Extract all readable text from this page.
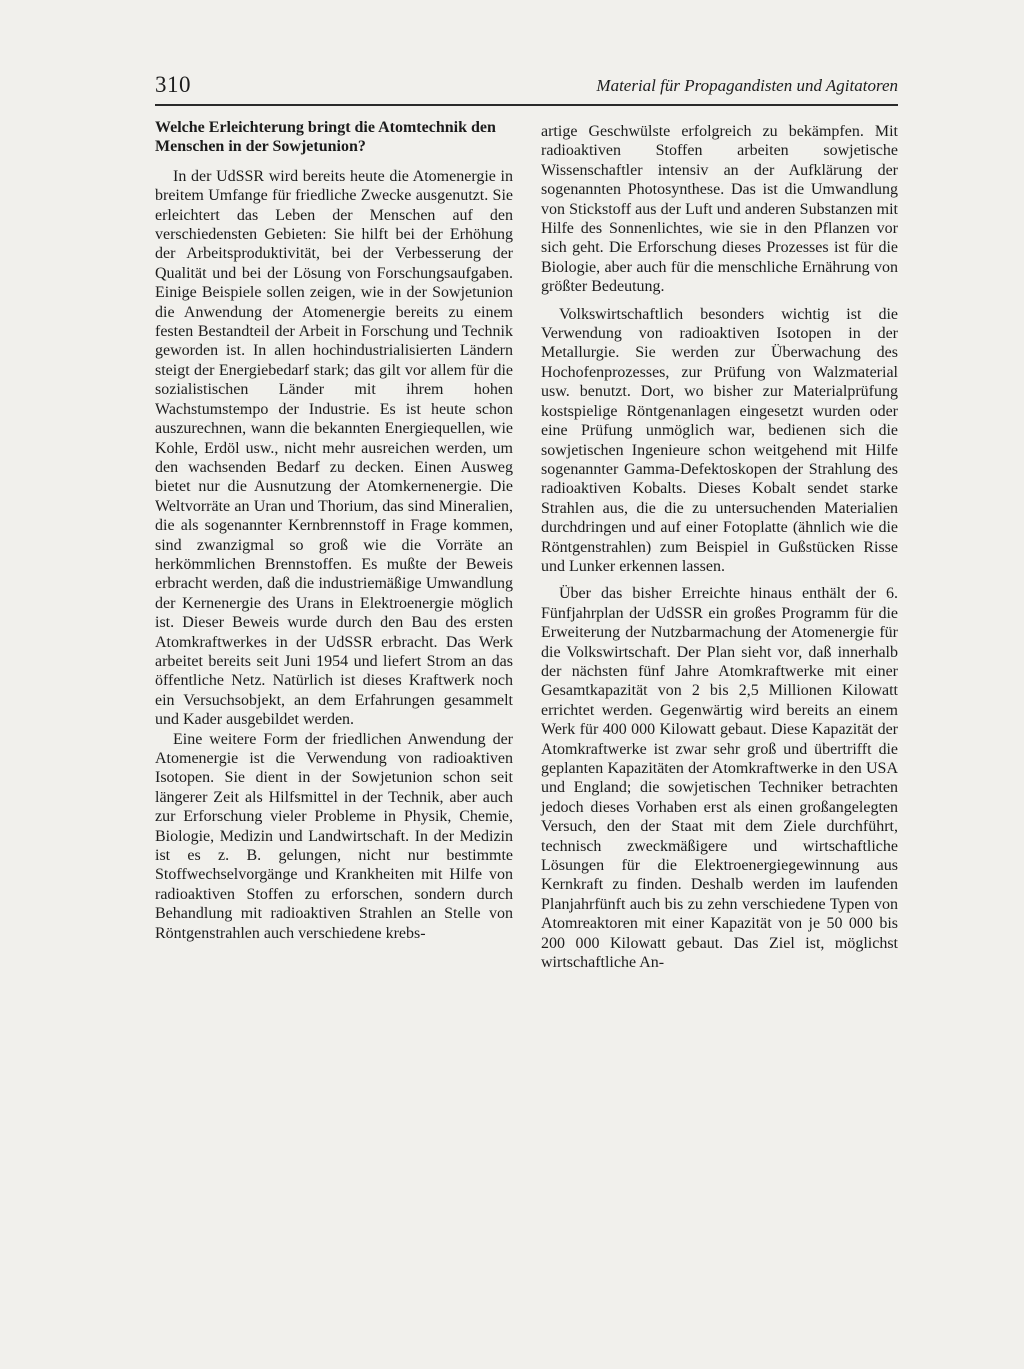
310	Material für Propagandisten und Agitatoren

Welche Erleichterung bringt die Atomtechnik den Menschen in der Sowjetunion?

In der UdSSR wird bereits heute die Atomenergie in breitem Umfange für friedliche Zwecke ausgenutzt. Sie erleichtert das Leben der Menschen auf den verschiedensten Gebieten: Sie hilft bei der Erhöhung der Arbeitsproduktivität, bei der Verbesserung der Qualität und bei der Lösung von Forschungsaufgaben. Einige Beispiele sollen zeigen, wie in der Sowjetunion die Anwendung der Atomenergie bereits zu einem festen Bestandteil der Arbeit in Forschung und Technik geworden ist. In allen hochindustrialisierten Ländern steigt der Energiebedarf stark; das gilt vor allem für die sozialistischen Länder mit ihrem hohen Wachstumstempo der Industrie. Es ist heute schon auszurechnen, wann die bekannten Energiequellen, wie Kohle, Erdöl usw., nicht mehr ausreichen werden, um den wachsenden Bedarf zu decken. Einen Ausweg bietet nur die Ausnutzung der Atomkernenergie. Die Weltvorräte an Uran und Thorium, das sind Mineralien, die als sogenannter Kernbrennstoff in Frage kommen, sind zwanzigmal so groß wie die Vorräte an herkömmlichen Brennstoffen. Es mußte der Beweis erbracht werden, daß die industriemäßige Umwandlung der Kernenergie des Urans in Elektroenergie möglich ist. Dieser Beweis wurde durch den Bau des ersten Atomkraftwerkes in der UdSSR erbracht. Das Werk arbeitet bereits seit Juni 1954 und liefert Strom an das öffentliche Netz. Natürlich ist dieses Kraftwerk noch ein Versuchsobjekt, an dem Erfahrungen gesammelt und Kader ausgebildet werden.

Eine weitere Form der friedlichen Anwendung der Atomenergie ist die Verwendung von radioaktiven Isotopen. Sie dient in der Sowjetunion schon seit längerer Zeit als Hilfsmittel in der Technik, aber auch zur Erforschung vieler Probleme in Physik, Chemie, Biologie, Medizin und Landwirtschaft. In der Medizin ist es z. B. gelungen, nicht nur bestimmte Stoffwechselvorgänge und Krankheiten mit Hilfe von radioaktiven Stoffen zu erforschen, sondern durch Behandlung mit radioaktiven Strahlen an Stelle von Röntgenstrahlen auch verschiedene krebs-

artige Geschwülste erfolgreich zu bekämpfen. Mit radioaktiven Stoffen arbeiten sowjetische Wissenschaftler intensiv an der Aufklärung der sogenannten Photosynthese. Das ist die Umwandlung von Stickstoff aus der Luft und anderen Substanzen mit Hilfe des Sonnenlichtes, wie sie in den Pflanzen vor sich geht. Die Erforschung dieses Prozesses ist für die Biologie, aber auch für die menschliche Ernährung von größter Bedeutung.

Volkswirtschaftlich besonders wichtig ist die Verwendung von radioaktiven Isotopen in der Metallurgie. Sie werden zur Überwachung des Hochofenprozesses, zur Prüfung von Walzmaterial usw. benutzt. Dort, wo bisher zur Materialprüfung kostspielige Röntgenanlagen eingesetzt wurden oder eine Prüfung unmöglich war, bedienen sich die sowjetischen Ingenieure schon weitgehend mit Hilfe sogenannter Gamma-Defektoskopen der Strahlung des radioaktiven Kobalts. Dieses Kobalt sendet starke Strahlen aus, die die zu untersuchenden Materialien durchdringen und auf einer Fotoplatte (ähnlich wie die Röntgenstrahlen) zum Beispiel in Gußstücken Risse und Lunker erkennen lassen.

Über das bisher Erreichte hinaus enthält der 6. Fünfjahrplan der UdSSR ein großes Programm für die Erweiterung der Nutzbarmachung der Atomenergie für die Volkswirtschaft. Der Plan sieht vor, daß innerhalb der nächsten fünf Jahre Atomkraftwerke mit einer Gesamtkapazität von 2 bis 2,5 Millionen Kilowatt errichtet werden. Gegenwärtig wird bereits an einem Werk für 400 000 Kilowatt gebaut. Diese Kapazität der Atomkraftwerke ist zwar sehr groß und übertrifft die geplanten Kapazitäten der Atomkraftwerke in den USA und England; die sowjetischen Techniker betrachten jedoch dieses Vorhaben erst als einen großangelegten Versuch, den der Staat mit dem Ziele durchführt, technisch zweckmäßigere und wirtschaftliche Lösungen für die Elektroenergiegewinnung aus Kernkraft zu finden. Deshalb werden im laufenden Planjahrfünft auch bis zu zehn verschiedene Typen von Atomreaktoren mit einer Kapazität von je 50 000 bis 200 000 Kilowatt gebaut. Das Ziel ist, möglichst wirtschaftliche An-
